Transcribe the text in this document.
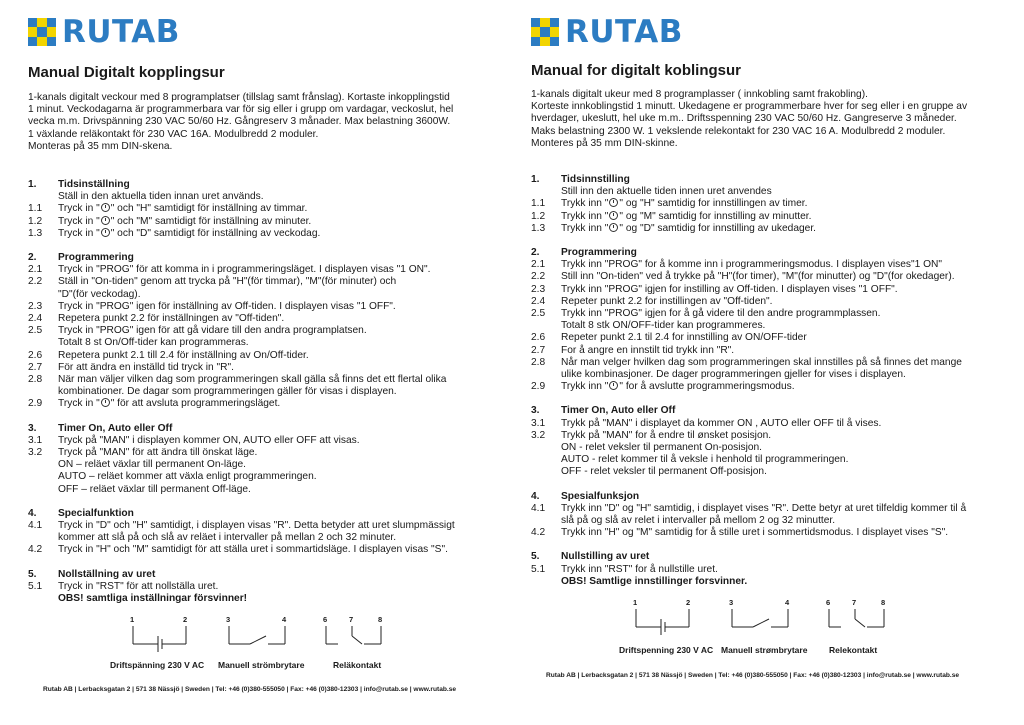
RUTAB
Manual Digitalt kopplingsur
1-kanals digitalt veckour med 8 programplatser (tillslag samt frånslag). Kortaste inkopplingstid
1 minut. Veckodagarna är programmerbara var för sig eller i grupp om vardagar, veckoslut, hel
vecka m.m. Drivspänning 230 VAC 50/60 Hz. Gångreserv 3 månader. Max belastning 3600W.
1 växlande reläkontakt för 230 VAC 16A. Modulbredd 2 moduler.
Monteras på 35 mm DIN-skena.
1.	Tidsinställning
Ställ in den aktuella tiden innan uret används.
1.1	Tryck in " " och "H" samtidigt för inställning av timmar.
1.2	Tryck in " " och "M" samtidigt för inställning av minuter.
1.3	Tryck in " " och "D" samtidigt för inställning av veckodag.
2.	Programmering
2.1	Tryck in "PROG" för att komma in i programmeringsläget. I displayen visas "1 ON".
2.2	Ställ in "On-tiden" genom att trycka på "H"(för timmar), "M"(för minuter) och
"D"(för veckodag).
2.3	Tryck in "PROG" igen för inställning av Off-tiden. I displayen visas "1 OFF".
2.4	Repetera punkt 2.2 för inställningen av "Off-tiden".
2.5	Tryck in "PROG" igen för att gå vidare till den andra programplatsen.
Totalt 8 st On/Off-tider kan programmeras.
2.6	Repetera punkt 2.1 till 2.4 för inställning av On/Off-tider.
2.7	För att ändra en inställd tid tryck in "R".
2.8	När man väljer vilken dag som programmeringen skall gälla så finns det ett flertal olika
kombinationer. De dagar som programmeringen gäller för visas i displayen.
2.9	Tryck in " " för att avsluta programmeringsläget.
3.	Timer On, Auto eller Off
3.1	Tryck på "MAN" i displayen kommer ON, AUTO eller OFF att visas.
3.2	Tryck på "MAN" för att ändra till önskat läge.
ON – reläet växlar till permanent On-läge.
AUTO – reläet kommer att växla enligt programmeringen.
OFF – reläet växlar till permanent Off-läge.
4.	Specialfunktion
4.1	Tryck in "D" och "H" samtidigt, i displayen visas "R". Detta betyder att uret slumpmässigt
kommer att slå på och slå av reläet i intervaller på mellan 2 och 32 minuter.
4.2	Tryck in "H" och "M" samtidigt för att ställa uret i sommartidsläge. I displayen visas "S".
5.	Nollställning av uret
5.1	Tryck in "RST" för att nollställa uret.
OBS! samtliga inställningar försvinner!
1	2	3	4	6	7	8
Driftspänning 230 V AC Manuell strömbrytare	Reläkontakt
Rutab AB | Lerbacksgatan 2 | 571 38 Nässjö | Sweden | Tel: +46 (0)380-555050 | Fax: +46 (0)380-12303 | info@rutab.se | www.rutab.se
RUTAB
Manual for digitalt koblingsur
1-kanals digitalt ukeur med 8 programplasser ( innkobling samt frakobling).
Korteste innkoblingstid 1 minutt. Ukedagene er programmerbare hver for seg eller i en gruppe av
hverdager, ukeslutt, hel uke m.m.. Driftsspenning 230 VAC 50/60 Hz. Gangreserve 3 måneder.
Maks belastning 2300 W. 1 vekslende relekontakt for 230 VAC 16 A. Modulbredd 2 moduler.
Monteres på 35 mm DIN-skinne.
1.	Tidsinnstilling
Still inn den aktuelle tiden innen uret anvendes
1.1	Trykk inn " " og "H" samtidig for innstillingen av timer.
1.2	Trykk inn " " og "M" samtidig for innstilling av minutter.
1.3	Trykk inn " " og "D" samtidig for innstilling av ukedager.
2.	Programmering
2.1	Trykk inn "PROG" for å komme inn i programmeringsmodus. I displayen vises"1 ON"
2.2	Still inn "On-tiden" ved å trykke på "H"(for timer), "M"(for minutter) og "D"(for okedager).
2.3	Trykk inn "PROG" igjen for instilling av Off-tiden. I displayen vises "1 OFF".
2.4	Repeter punkt 2.2 for instillingen av "Off-tiden".
2.5	Trykk inn "PROG" igjen for å gå videre til den andre programmplassen.
Totalt 8 stk ON/OFF-tider kan programmeres.
2.6	Repeter punkt 2.1 til 2.4 for innstilling av ON/OFF-tider
2.7	For å angre en innstilt tid trykk inn "R".
2.8	Når man velger hvilken dag som programmeringen skal innstilles på så finnes det mange
ulike kombinasjoner. De dager programmeringen gjeller for vises i displayen.
2.9	Trykk inn " " for å avslutte programmeringsmodus.
3.	Timer On, Auto eller Off
3.1	Trykk på "MAN" i displayet da kommer ON , AUTO eller OFF til å vises.
3.2	Trykk på "MAN" for å endre til ønsket posisjon.
ON - relet veksler til permanent On-posisjon.
AUTO - relet kommer til å veksle i henhold til programmeringen.
OFF - relet veksler til permanent Off-posisjon.
4.	Spesialfunksjon
4.1	Trykk inn "D" og "H" samtidig, i displayet vises "R". Dette betyr at uret tilfeldig kommer til å
slå på og slå av relet i intervaller på mellom 2 og 32 minutter.
4.2	Trykk inn "H" og "M" samtidig for å stille uret i sommertidsmodus. I displayet vises "S".
5.	Nullstilling av uret
5.1	Trykk inn "RST" for å nullstille uret.
OBS! Samtlige innstillinger forsvinner.
1	2	3	4	6	7	8
Driftspenning 230 V AC Manuell strømbrytare	Relekontakt
Rutab AB | Lerbacksgatan 2 | 571 38 Nässjö | Sweden | Tel: +46 (0)380-555050 | Fax: +46 (0)380-12303 | info@rutab.se | www.rutab.se
